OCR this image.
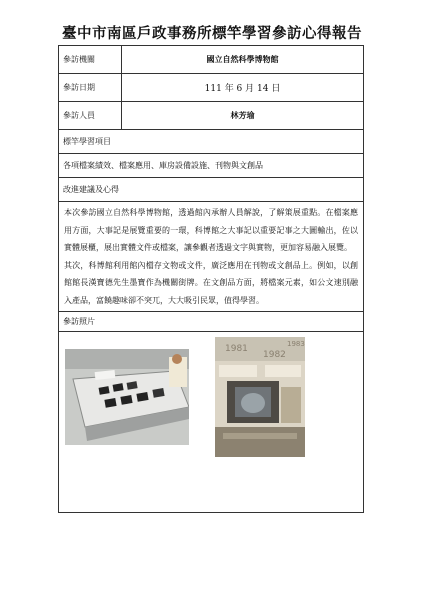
臺中市南區戶政事務所標竿學習參訪心得報告
參訪機關	國立自然科學博物館
參訪日期	111 年 6 月 14 日
參訪人員	林芳瑜
標竿學習項目	
各項檔案績效、檔案應用、庫房設備設施、刊物與文創品	
改進建議及心得	

本次參訪國立自然科學博物館，透過館內承辦人員解說，了解策展重點。在檔案應用方面，大事記是展覽重要的一環，科博館之大事記以重要記事之大圖輸出，佐以實體展櫃，展出實體文件或檔案，讓參觀者透過文字與實物，更加容易融入展覽。

其次，科博館利用館內檔存文物或文件，廣泛應用在刊物或文創品上。例如，以創館館長漢寶德先生墨寶作為機關街牌。在文創品方面，將檔案元素，如公文速別融入產品，富饒趣味卻不突兀，大大吸引民眾，值得學習。	

參訪照片	

1981
1982
1983	
